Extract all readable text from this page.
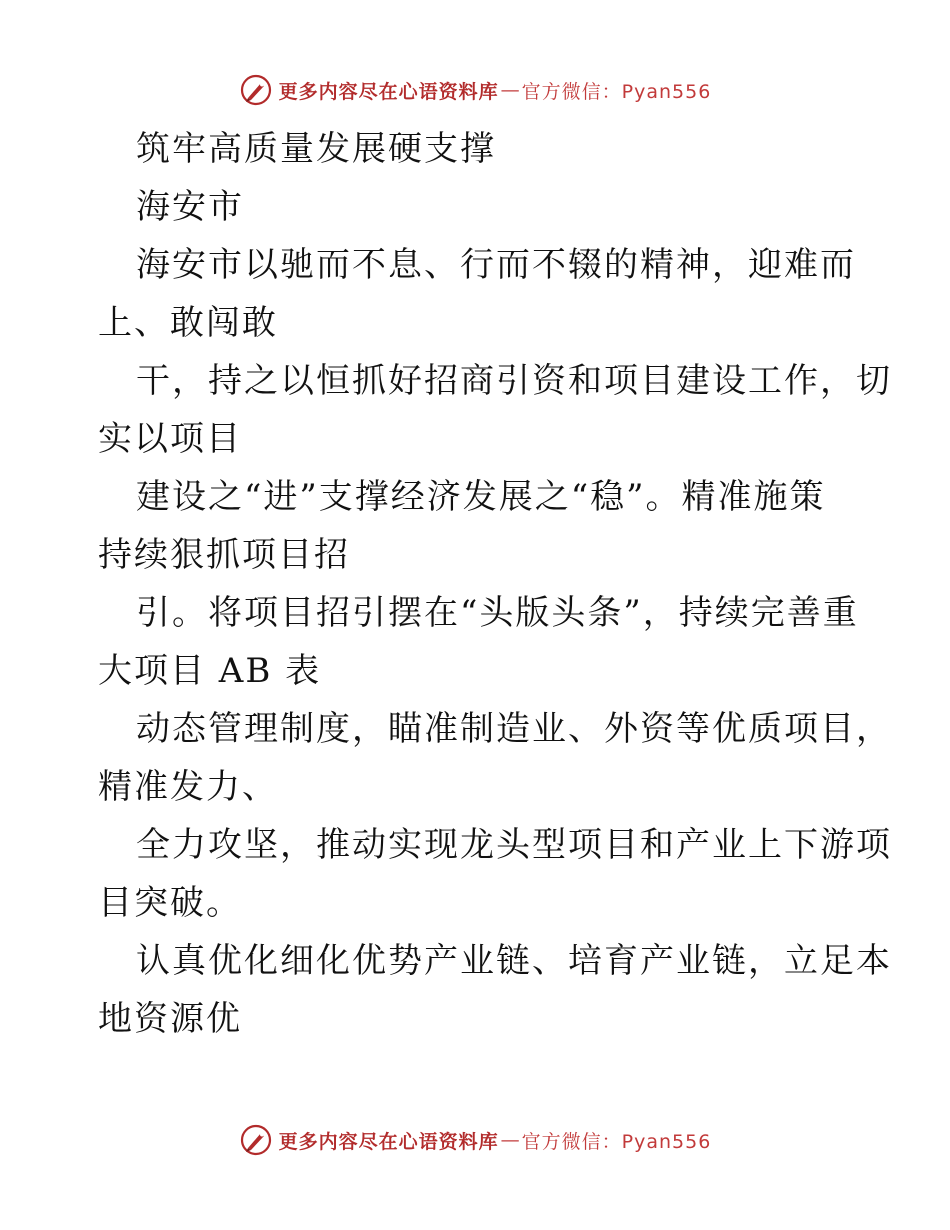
更多内容尽在心语资料库 — 官方微信：Pyan556
筑牢高质量发展硬支撑
海安市
海安市以驰而不息、行而不辍的精神，迎难而
上、敢闯敢
干，持之以恒抓好招商引资和项目建设工作，切
实以项目
建设之“进”支撑经济发展之“稳”。精准施策
持续狠抓项目招
引。将项目招引摆在“头版头条”，持续完善重
大项目 AB 表
动态管理制度，瞄准制造业、外资等优质项目，
精准发力、
全力攻坚，推动实现龙头型项目和产业上下游项
目突破。
认真优化细化优势产业链、培育产业链，立足本
地资源优
更多内容尽在心语资料库 — 官方微信：Pyan556
